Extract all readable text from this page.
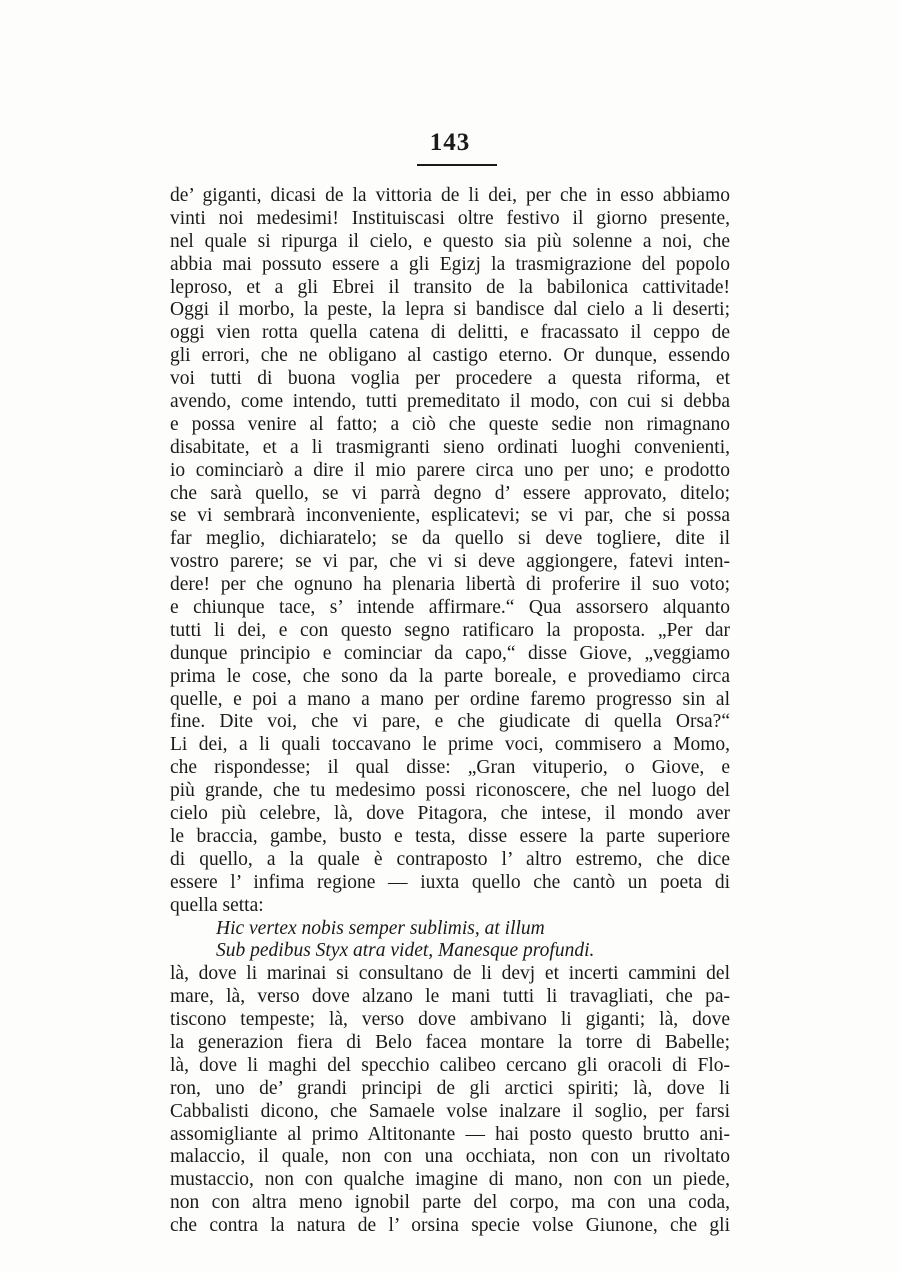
143
de’ giganti, dicasi de la vittoria de li dei, per che in esso abbiamo
vinti noi medesimi! Instituiscasi oltre festivo il giorno presente,
nel quale si ripurga il cielo, e questo sia più solenne a noi, che
abbia mai possuto essere a gli Egizj la trasmigrazione del popolo
leproso, et a gli Ebrei il transito de la babilonica cattivitade!
Oggi il morbo, la peste, la lepra si bandisce dal cielo a li deserti;
oggi vien rotta quella catena di delitti, e fracassato il ceppo de
gli errori, che ne obligano al castigo eterno. Or dunque, essendo
voi tutti di buona voglia per procedere a questa riforma, et
avendo, come intendo, tutti premeditato il modo, con cui si debba
e possa venire al fatto; a ciò che queste sedie non rimagnano
disabitate, et a li trasmigranti sieno ordinati luoghi convenienti,
io cominciarò a dire il mio parere circa uno per uno; e prodotto
che sarà quello, se vi parrà degno d’ essere approvato, ditelo;
se vi sembrarà inconveniente, esplicatevi; se vi par, che si possa
far meglio, dichiaratelo; se da quello si deve togliere, dite il
vostro parere; se vi par, che vi si deve aggiongere, fatevi inten-
dere! per che ognuno ha plenaria libertà di proferire il suo voto;
e chiunque tace, s’ intende affirmare.“ Qua assorsero alquanto
tutti li dei, e con questo segno ratificaro la proposta. „Per dar
dunque principio e cominciar da capo,“ disse Giove, „veggiamo
prima le cose, che sono da la parte boreale, e provediamo circa
quelle, e poi a mano a mano per ordine faremo progresso sin al
fine. Dite voi, che vi pare, e che giudicate di quella Orsa?“
Li dei, a li quali toccavano le prime voci, commisero a Momo,
che rispondesse; il qual disse: „Gran vituperio, o Giove, e
più grande, che tu medesimo possi riconoscere, che nel luogo del
cielo più celebre, là, dove Pitagora, che intese, il mondo aver
le braccia, gambe, busto e testa, disse essere la parte superiore
di quello, a la quale è contraposto l’ altro estremo, che dice
essere l’ infima regione — iuxta quello che cantò un poeta di
quella setta:
Hic vertex nobis semper sublimis, at illum
Sub pedibus Styx atra videt, Manesque profundi.
là, dove li marinai si consultano de li devj et incerti cammini del
mare, là, verso dove alzano le mani tutti li travagliati, che pa-
tiscono tempeste; là, verso dove ambivano li giganti; là, dove
la generazion fiera di Belo facea montare la torre di Babelle;
là, dove li maghi del specchio calibeo cercano gli oracoli di Flo-
ron, uno de’ grandi principi de gli arctici spiriti; là, dove li
Cabbalisti dicono, che Samaele volse inalzare il soglio, per farsi
assomigliante al primo Altitonante — hai posto questo brutto ani-
malaccio, il quale, non con una occhiata, non con un rivoltato
mustaccio, non con qualche imagine di mano, non con un piede,
non con altra meno ignobil parte del corpo, ma con una coda,
che contra la natura de l’ orsina specie volse Giunone, che gli
